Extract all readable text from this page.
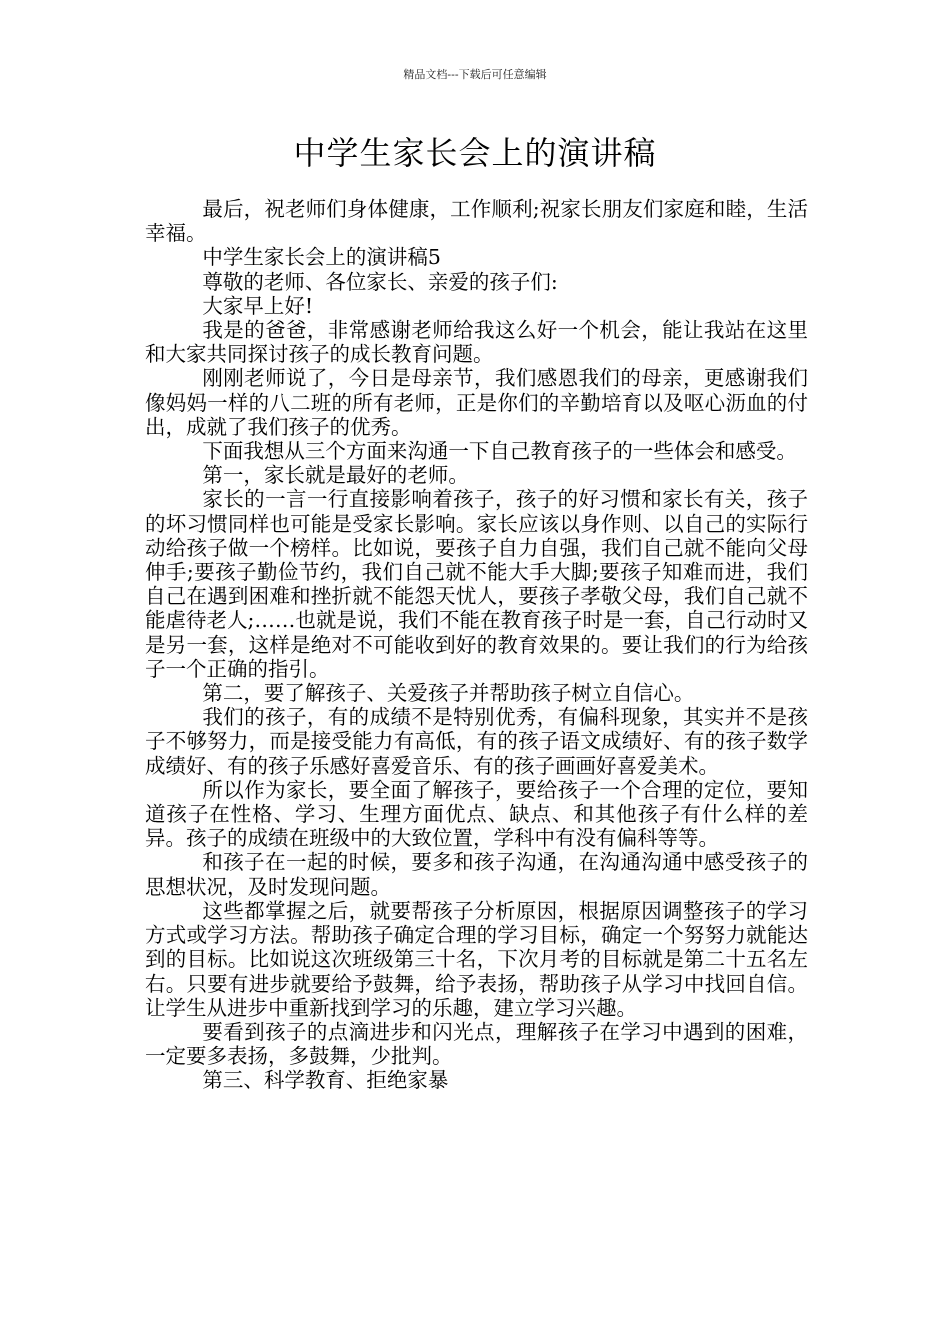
精品文档---下载后可任意编辑
中学生家长会上的演讲稿

最后，祝老师们身体健康，工作顺利;祝家长朋友们家庭和睦，生活幸福。

中学生家长会上的演讲稿5

尊敬的老师、各位家长、亲爱的孩子们:

大家早上好!

我是的爸爸，非常感谢老师给我这么好一个机会，能让我站在这里和大家共同探讨孩子的成长教育问题。

刚刚老师说了，今日是母亲节，我们感恩我们的母亲，更感谢我们像妈妈一样的八二班的所有老师，正是你们的辛勤培育以及呕心沥血的付出，成就了我们孩子的优秀。

下面我想从三个方面来沟通一下自己教育孩子的一些体会和感受。

第一，家长就是最好的老师。

家长的一言一行直接影响着孩子，孩子的好习惯和家长有关，孩子的坏习惯同样也可能是受家长影响。家长应该以身作则、以自己的实际行动给孩子做一个榜样。比如说，要孩子自力自强，我们自己就不能向父母伸手;要孩子勤俭节约，我们自己就不能大手大脚;要孩子知难而进，我们自己在遇到困难和挫折就不能怨天忧人，要孩子孝敬父母，我们自己就不能虐待老人;……也就是说，我们不能在教育孩子时是一套，自己行动时又是另一套，这样是绝对不可能收到好的教育效果的。要让我们的行为给孩子一个正确的指引。

第二，要了解孩子、关爱孩子并帮助孩子树立自信心。

我们的孩子，有的成绩不是特别优秀，有偏科现象，其实并不是孩子不够努力，而是接受能力有高低，有的孩子语文成绩好、有的孩子数学成绩好、有的孩子乐感好喜爱音乐、有的孩子画画好喜爱美术。

所以作为家长，要全面了解孩子，要给孩子一个合理的定位，要知道孩子在性格、学习、生理方面优点、缺点、和其他孩子有什么样的差异。孩子的成绩在班级中的大致位置，学科中有没有偏科等等。

和孩子在一起的时候，要多和孩子沟通，在沟通沟通中感受孩子的思想状况，及时发现问题。

这些都掌握之后，就要帮孩子分析原因，根据原因调整孩子的学习方式或学习方法。帮助孩子确定合理的学习目标，确定一个努努力就能达到的目标。比如说这次班级第三十名，下次月考的目标就是第二十五名左右。只要有进步就要给予鼓舞，给予表扬，帮助孩子从学习中找回自信。让学生从进步中重新找到学习的乐趣，建立学习兴趣。

要看到孩子的点滴进步和闪光点，理解孩子在学习中遇到的困难，一定要多表扬，多鼓舞，少批判。

第三、科学教育、拒绝家暴
